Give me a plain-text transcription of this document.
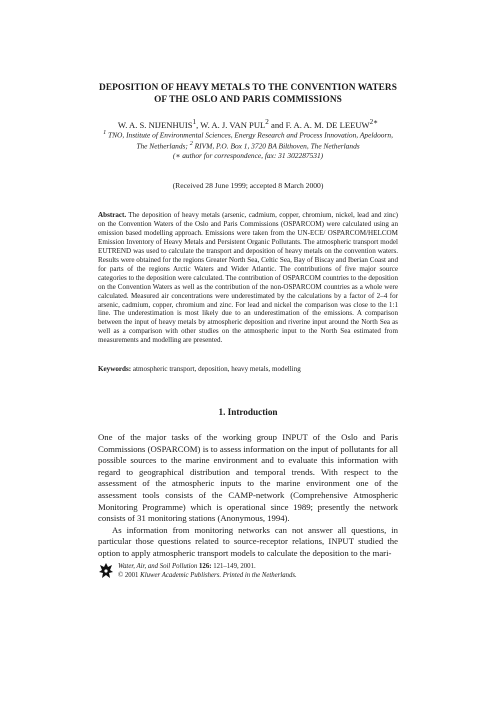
DEPOSITION OF HEAVY METALS TO THE CONVENTION WATERS
OF THE OSLO AND PARIS COMMISSIONS
W. A. S. NIJENHUIS$^1$, W. A. J. VAN PUL$^2$ and F. A. A. M. DE $LEEUW^{2∗}$
$^1$ TNO, Institute of Environmental Sciences, Energy Research and Process Innovation, Apeldoorn,
The Netherlands; $^2$ RIVM, P.O. Box 1, 3720 BA Bilthoven, The Netherlands
(∗ author for correspondence, fax: 31 302287531)
(Received 28 June 1999; accepted 8 March 2000)
Abstract. The deposition of heavy metals (arsenic, cadmium, copper, chromium, nickel, lead and zinc) on the Convention Waters of the Oslo and Paris Commissions (OSPARCOM) were calculated using an emission based modelling approach. Emissions were taken from the UN-ECE/ OSPARCOM/HELCOM Emission Inventory of Heavy Metals and Persistent Organic Pollutants. The atmospheric transport model EUTREND was used to calculate the transport and deposition of heavy metals on the convention waters. Results were obtained for the regions Greater North Sea, Celtic Sea, Bay of Biscay and Iberian Coast and for parts of the regions Arctic Waters and Wider Atlantic. The contributions of five major source categories to the deposition were calculated. The contribution of OSPARCOM countries to the deposition on the Convention Waters as well as the contribution of the non-OSPARCOM countries as a whole were calculated. Measured air concentrations were underestimated by the calculations by a factor of 2–4 for arsenic, cadmium, copper, chromium and zinc. For lead and nickel the comparison was close to the 1:1 line. The underestimation is most likely due to an underestimation of the emissions. A comparison between the input of heavy metals by atmospheric deposition and riverine input around the North Sea as well as a comparison with other studies on the atmospheric input to the North Sea estimated from measurements and modelling are presented.
Keywords: atmospheric transport, deposition, heavy metals, modelling
1. Introduction

One of the major tasks of the working group INPUT of the Oslo and Paris Commissions (OSPARCOM) is to assess information on the input of pollutants for all possible sources to the marine environment and to evaluate this information with regard to geographical distribution and temporal trends. With respect to the assessment of the atmospheric inputs to the marine environment one of the assessment tools consists of the CAMP-network (Comprehensive Atmospheric Monitoring Programme) which is operational since 1989; presently the network consists of 31 monitoring stations (Anonymous, 1994).

As information from monitoring networks can not answer all questions, in particular those questions related to source-receptor relations, INPUT studied the option to apply atmospheric transport models to calculate the deposition to the mari-

Water, Air, and Soil Pollution 126: 121–149, 2001.
© 2001 Kluwer Academic Publishers. Printed in the Netherlands.
